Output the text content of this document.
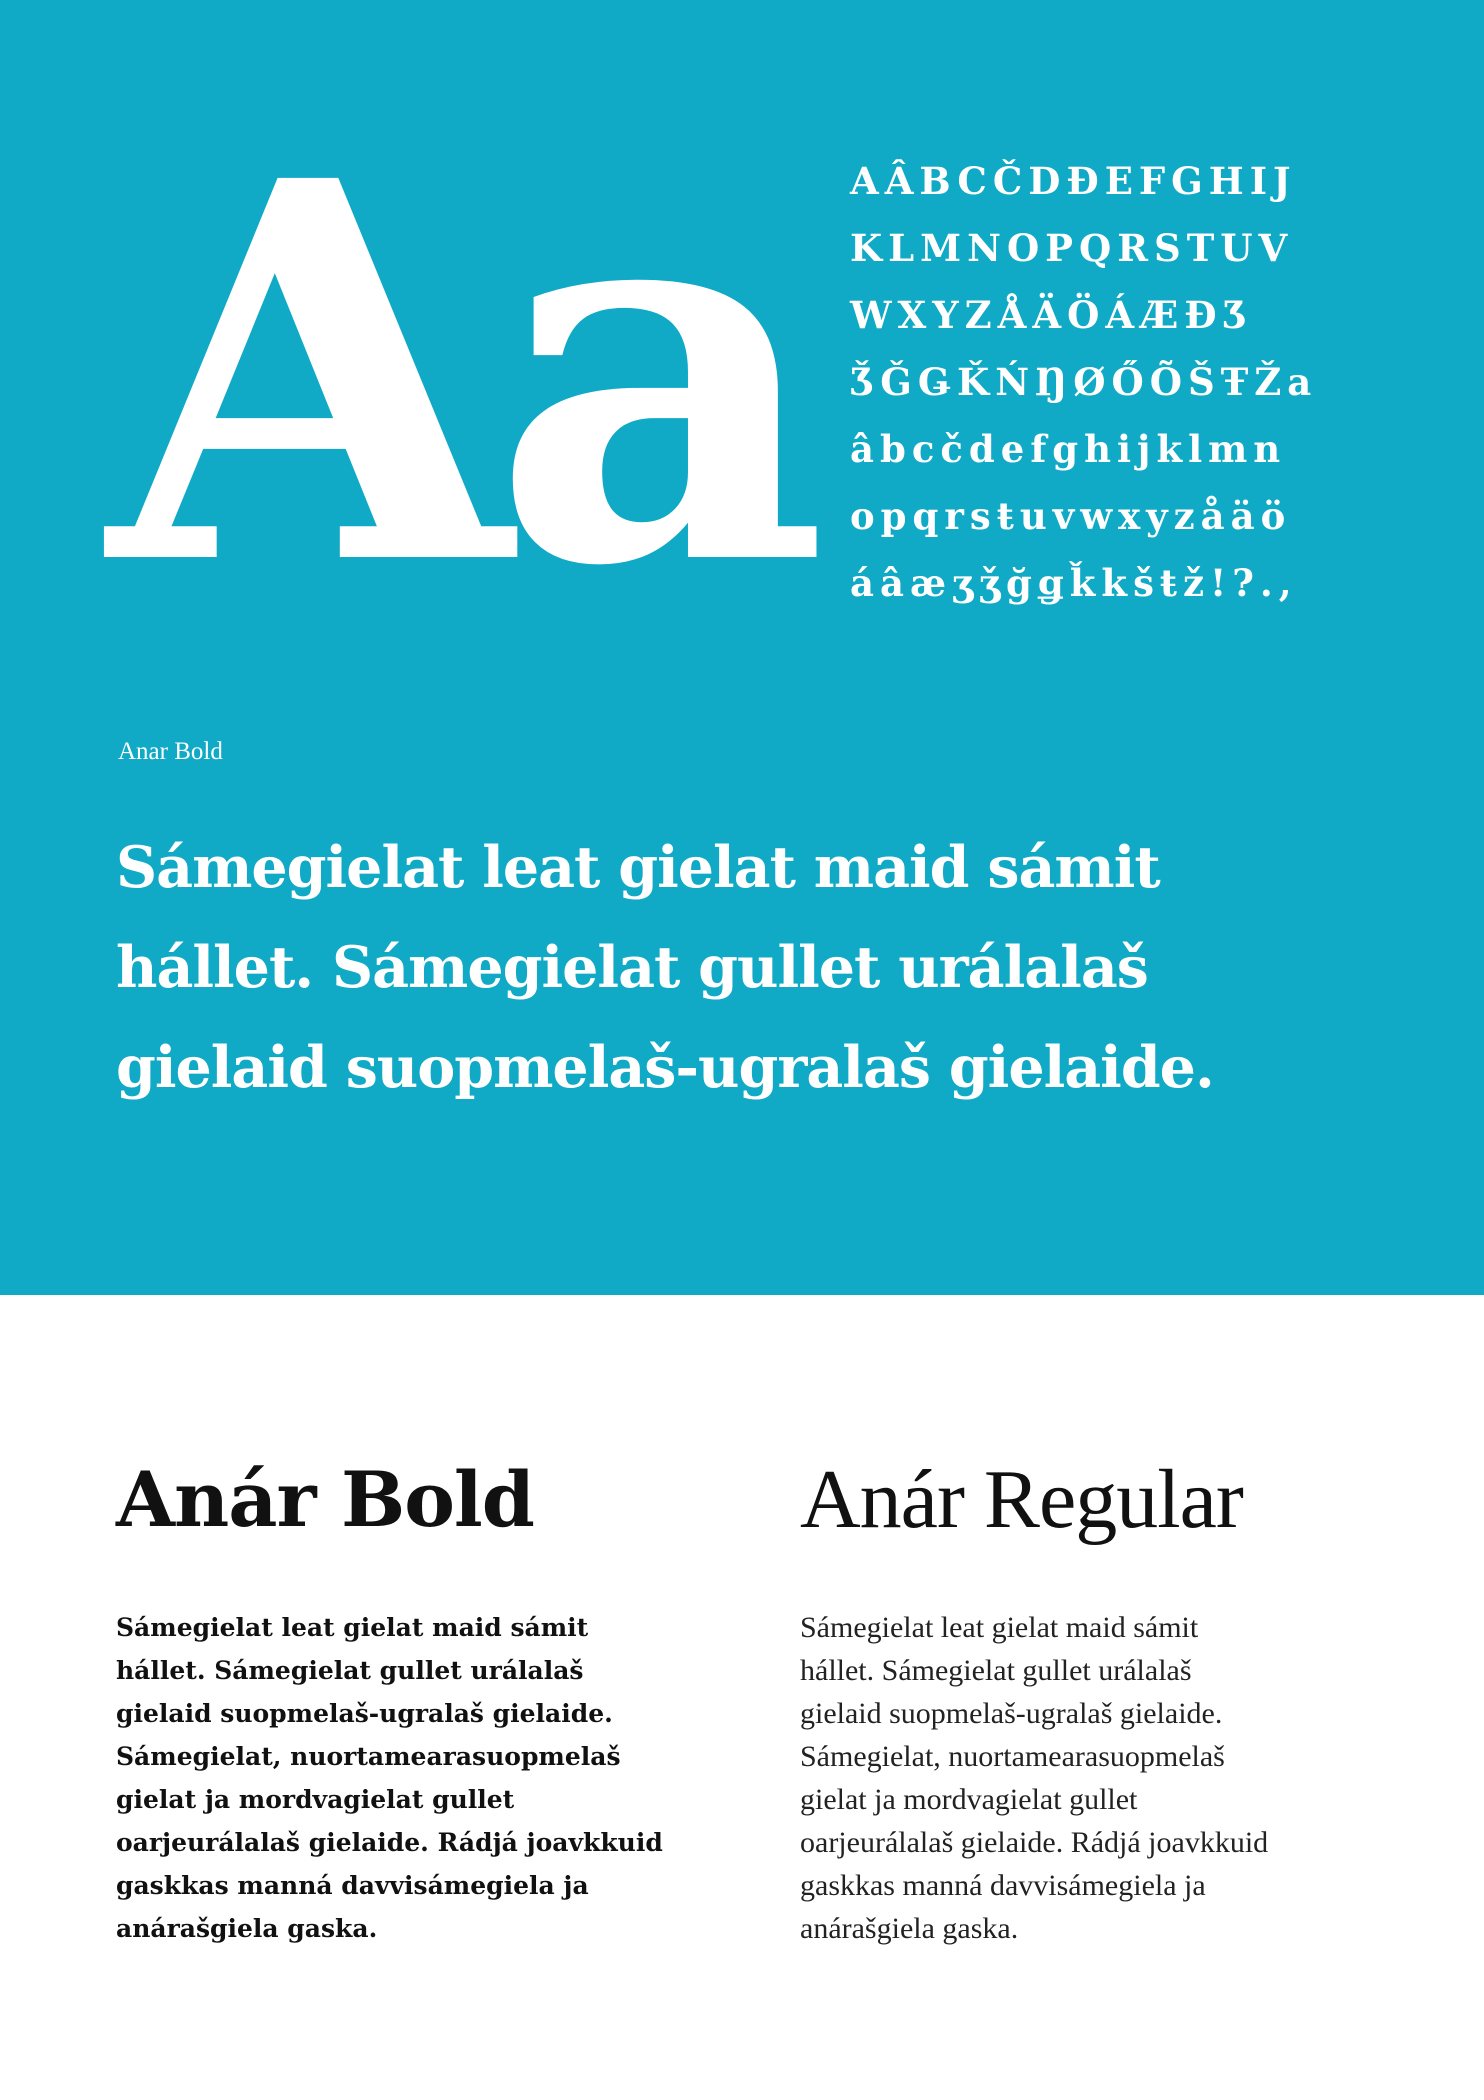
Aa AÂBCČDĐEFGHIJ
KLMNOPQRSTUV
WXYZÅÄÖÁÆĐƷ
ǮǦǤǨŃŊØŐÕŠŦŽa
âbcčdefghijklmn
opqrsŧuvwxyzåäö
áâæʒǯğǥǩkšŧž!?.,
Anar Bold
Sámegielat leat gielat maid sámit
hállet. Sámegielat gullet urálalaš
gielaid suopmelaš-ugralaš gielaide.
Anár Bold
Sámegielat leat gielat maid sámit
hállet. Sámegielat gullet urálalaš
gielaid suopmelaš-ugralaš gielaide.
Sámegielat, nuortamearasuopmelaš
gielat ja mordvagielat gullet
oarjeurálalaš gielaide. Rádjá joavkkuid
gaskkas manná davvisámegiela ja
anárašgiela gaska.
Anár Regular
Sámegielat leat gielat maid sámit
hállet. Sámegielat gullet urálalaš
gielaid suopmelaš-ugralaš gielaide.
Sámegielat, nuortamearasuopmelaš
gielat ja mordvagielat gullet
oarjeurálalaš gielaide. Rádjá joavkkuid
gaskkas manná davvisámegiela ja
anárašgiela gaska.
